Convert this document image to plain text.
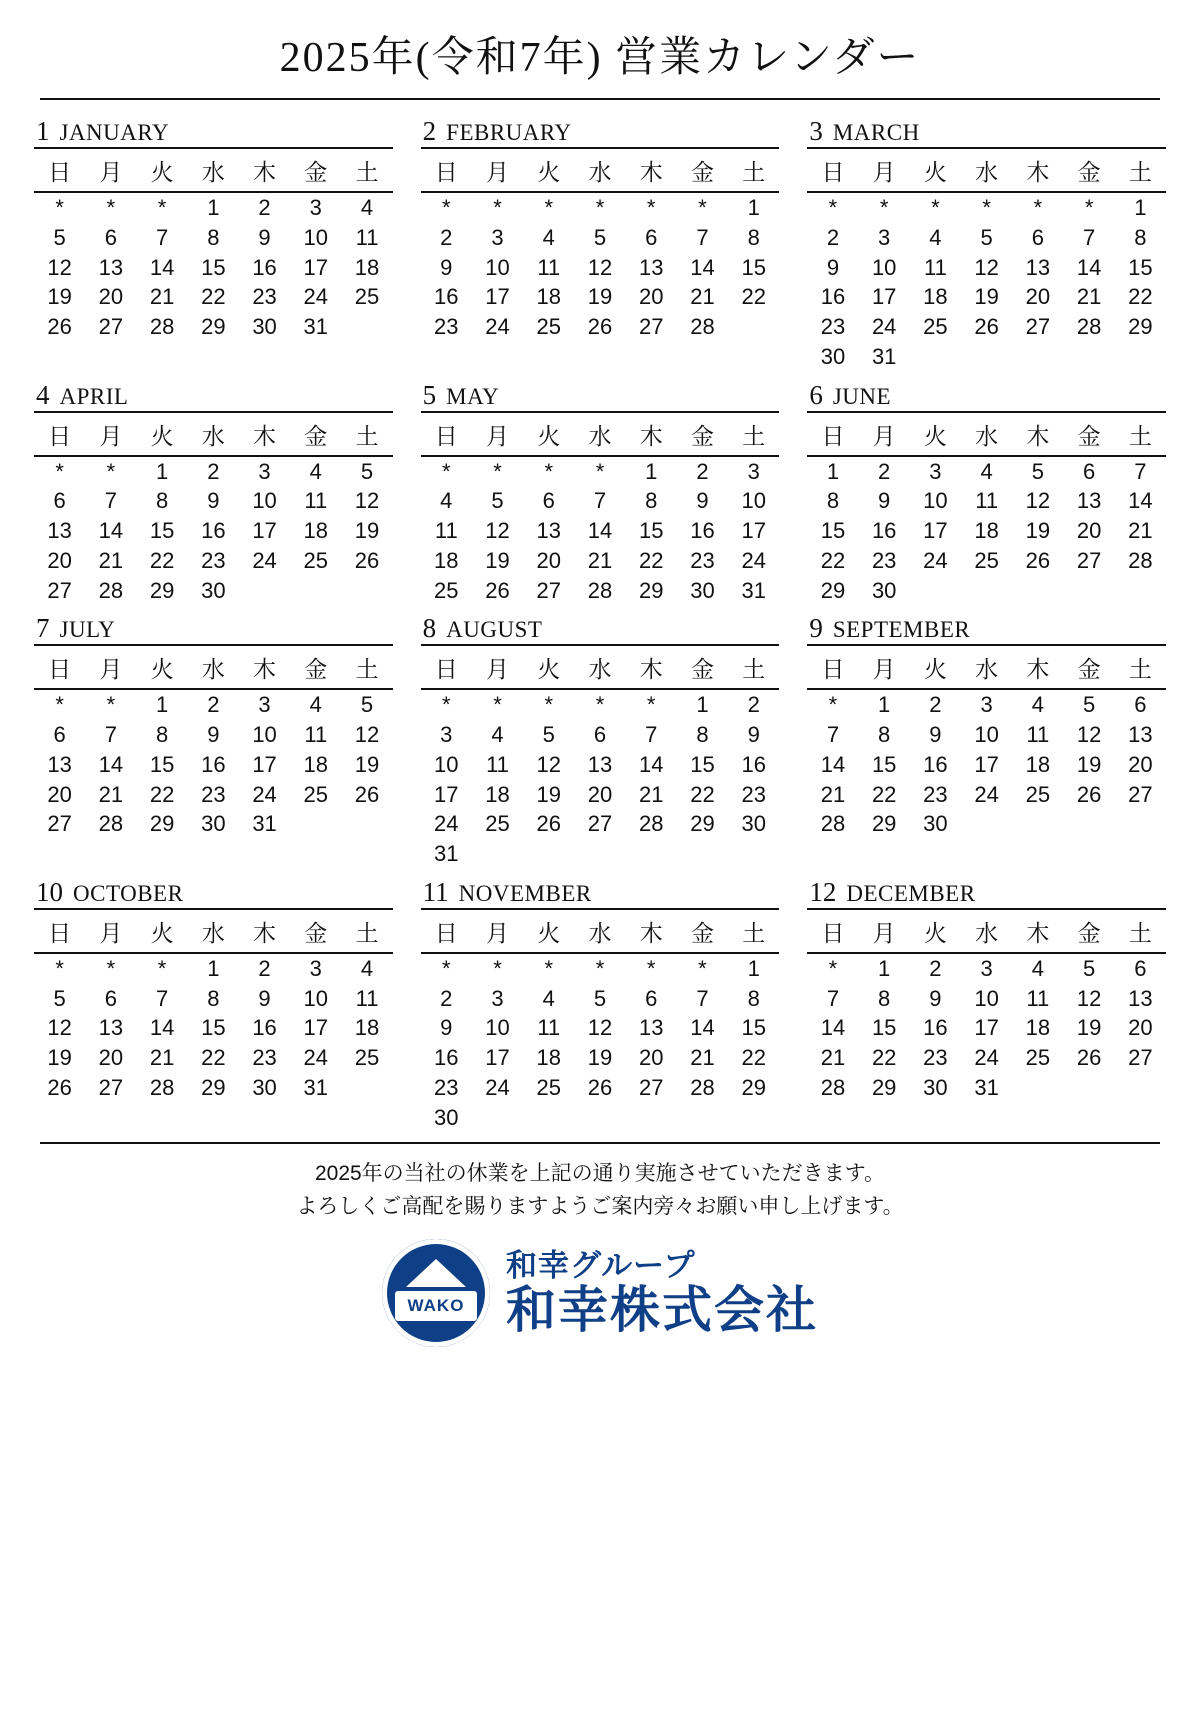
2025年(令和7年) 営業カレンダー
1 JANUARY
日	月	火	水	木	金	土
*	*	*	1	2	3	4
5	6	7	8	9	10	11
12	13	14	15	16	17	18
19	20	21	22	23	24	25
26	27	28	29	30	31	
2 FEBRUARY
日	月	火	水	木	金	土
*	*	*	*	*	*	1
2	3	4	5	6	7	8
9	10	11	12	13	14	15
16	17	18	19	20	21	22
23	24	25	26	27	28	
3 MARCH
日	月	火	水	木	金	土
*	*	*	*	*	*	1
2	3	4	5	6	7	8
9	10	11	12	13	14	15
16	17	18	19	20	21	22
23	24	25	26	27	28	29
30	31					
4 APRIL
日	月	火	水	木	金	土
*	*	1	2	3	4	5
6	7	8	9	10	11	12
13	14	15	16	17	18	19
20	21	22	23	24	25	26
27	28	29	30			
5 MAY
日	月	火	水	木	金	土
*	*	*	*	1	2	3
4	5	6	7	8	9	10
11	12	13	14	15	16	17
18	19	20	21	22	23	24
25	26	27	28	29	30	31
6 JUNE
日	月	火	水	木	金	土
1	2	3	4	5	6	7
8	9	10	11	12	13	14
15	16	17	18	19	20	21
22	23	24	25	26	27	28
29	30					
7 JULY
日	月	火	水	木	金	土
*	*	1	2	3	4	5
6	7	8	9	10	11	12
13	14	15	16	17	18	19
20	21	22	23	24	25	26
27	28	29	30	31		
8 AUGUST
日	月	火	水	木	金	土
*	*	*	*	*	1	2
3	4	5	6	7	8	9
10	11	12	13	14	15	16
17	18	19	20	21	22	23
24	25	26	27	28	29	30
31						
9 SEPTEMBER
日	月	火	水	木	金	土
*	1	2	3	4	5	6
7	8	9	10	11	12	13
14	15	16	17	18	19	20
21	22	23	24	25	26	27
28	29	30				
10 OCTOBER
日	月	火	水	木	金	土
*	*	*	1	2	3	4
5	6	7	8	9	10	11
12	13	14	15	16	17	18
19	20	21	22	23	24	25
26	27	28	29	30	31	
11 NOVEMBER
日	月	火	水	木	金	土
*	*	*	*	*	*	1
2	3	4	5	6	7	8
9	10	11	12	13	14	15
16	17	18	19	20	21	22
23	24	25	26	27	28	29
30						
12 DECEMBER
日	月	火	水	木	金	土
*	1	2	3	4	5	6
7	8	9	10	11	12	13
14	15	16	17	18	19	20
21	22	23	24	25	26	27
28	29	30	31			
2025年の当社の休業を上記の通り実施させていただきます。
よろしくご高配を賜りますようご案内旁々お願い申し上げます。
WAKO
和幸グループ
和幸株式会社
